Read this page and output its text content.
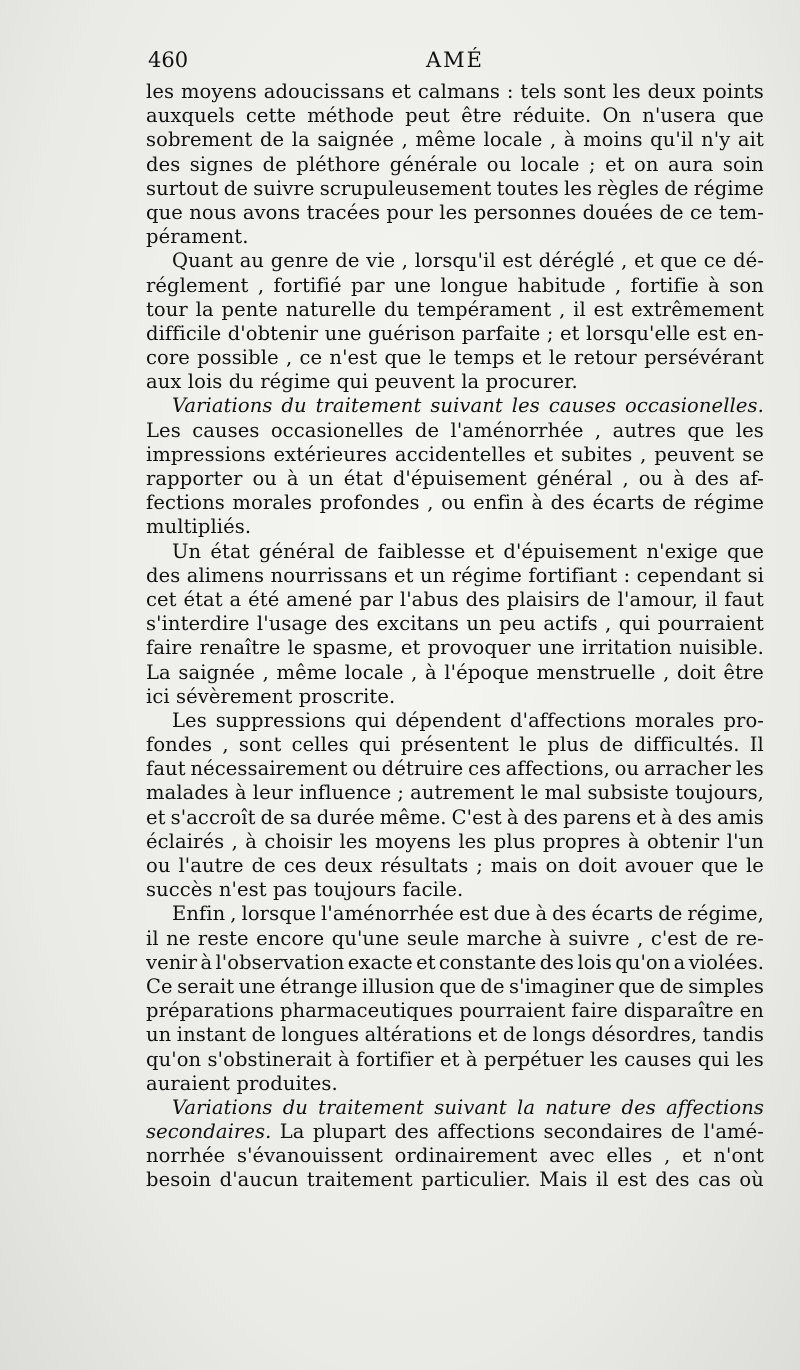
460	AMÉ
les moyens adoucissans et calmans : tels sont les deux points
auxquels cette méthode peut être réduite. On n'usera que
sobrement de la saignée , même locale , à moins qu'il n'y ait
des signes de pléthore générale ou locale ; et on aura soin
surtout de suivre scrupuleusement toutes les règles de régime
que nous avons tracées pour les personnes douées de ce tem-
pérament.
Quant au genre de vie , lorsqu'il est déréglé , et que ce dé-
réglement , fortifié par une longue habitude , fortifie à son
tour la pente naturelle du tempérament , il est extrêmement
difficile d'obtenir une guérison parfaite ; et lorsqu'elle est en-
core possible , ce n'est que le temps et le retour persévérant
aux lois du régime qui peuvent la procurer.
Variations du traitement suivant les causes occasionelles.
Les causes occasionelles de l'aménorrhée , autres que les
impressions extérieures accidentelles et subites , peuvent se
rapporter ou à un état d'épuisement général , ou à des af-
fections morales profondes , ou enfin à des écarts de régime
multipliés.
Un état général de faiblesse et d'épuisement n'exige que
des alimens nourrissans et un régime fortifiant : cependant si
cet état a été amené par l'abus des plaisirs de l'amour, il faut
s'interdire l'usage des excitans un peu actifs , qui pourraient
faire renaître le spasme, et provoquer une irritation nuisible.
La saignée , même locale , à l'époque menstruelle , doit être
ici sévèrement proscrite.
Les suppressions qui dépendent d'affections morales pro-
fondes , sont celles qui présentent le plus de difficultés. Il
faut nécessairement ou détruire ces affections, ou arracher les
malades à leur influence ; autrement le mal subsiste toujours,
et s'accroît de sa durée même. C'est à des parens et à des amis
éclairés , à choisir les moyens les plus propres à obtenir l'un
ou l'autre de ces deux résultats ; mais on doit avouer que le
succès n'est pas toujours facile.
Enfin , lorsque l'aménorrhée est due à des écarts de régime,
il ne reste encore qu'une seule marche à suivre , c'est de re-
venir à l'observation exacte et constante des lois qu'on a violées.
Ce serait une étrange illusion que de s'imaginer que de simples
préparations pharmaceutiques pourraient faire disparaître en
un instant de longues altérations et de longs désordres, tandis
qu'on s'obstinerait à fortifier et à perpétuer les causes qui les
auraient produites.
Variations du traitement suivant la nature des affections
secondaires. La plupart des affections secondaires de l'amé-
norrhée s'évanouissent ordinairement avec elles , et n'ont
besoin d'aucun traitement particulier. Mais il est des cas où
